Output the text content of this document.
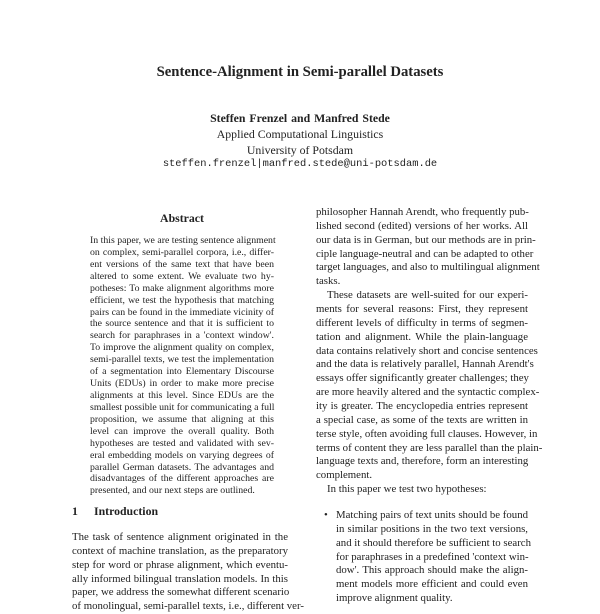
Sentence-Alignment in Semi-parallel Datasets
Steffen Frenzel and Manfred Stede
Applied Computational Linguistics
University of Potsdam
steffen.frenzel|manfred.stede@uni-potsdam.de
Abstract
In this paper, we are testing sentence alignment
on complex, semi-parallel corpora, i.e., differ-
ent versions of the same text that have been
altered to some extent. We evaluate two hy-
potheses: To make alignment algorithms more
efficient, we test the hypothesis that matching
pairs can be found in the immediate vicinity of
the source sentence and that it is sufficient to
search for paraphrases in a 'context window'.
To improve the alignment quality on complex,
semi-parallel texts, we test the implementation
of a segmentation into Elementary Discourse
Units (EDUs) in order to make more precise
alignments at this level. Since EDUs are the
smallest possible unit for communicating a full
proposition, we assume that aligning at this
level can improve the overall quality. Both
hypotheses are tested and validated with sev-
eral embedding models on varying degrees of
parallel German datasets. The advantages and
disadvantages of the different approaches are
presented, and our next steps are outlined.
1 Introduction
The task of sentence alignment originated in the
context of machine translation, as the preparatory
step for word or phrase alignment, which eventu-
ally informed bilingual translation models. In this
paper, we address the somewhat different scenario
of monolingual, semi-parallel texts, i.e., different ver-
philosopher Hannah Arendt, who frequently pub-
lished second (edited) versions of her works. All
our data is in German, but our methods are in prin-
ciple language-neutral and can be adapted to other
target languages, and also to multilingual alignment
tasks.
These datasets are well-suited for our experi-
ments for several reasons: First, they represent
different levels of difficulty in terms of segmen-
tation and alignment. While the plain-language
data contains relatively short and concise sentences
and the data is relatively parallel, Hannah Arendt's
essays offer significantly greater challenges; they
are more heavily altered and the syntactic complex-
ity is greater. The encyclopedia entries represent
a special case, as some of the texts are written in
terse style, often avoiding full clauses. However, in
terms of content they are less parallel than the plain-
language texts and, therefore, form an interesting
complement.
In this paper we test two hypotheses:
• Matching pairs of text units should be found
in similar positions in the two text versions,
and it should therefore be sufficient to search
for paraphrases in a predefined 'context win-
dow'. This approach should make the align-
ment models more efficient and could even
improve alignment quality.
